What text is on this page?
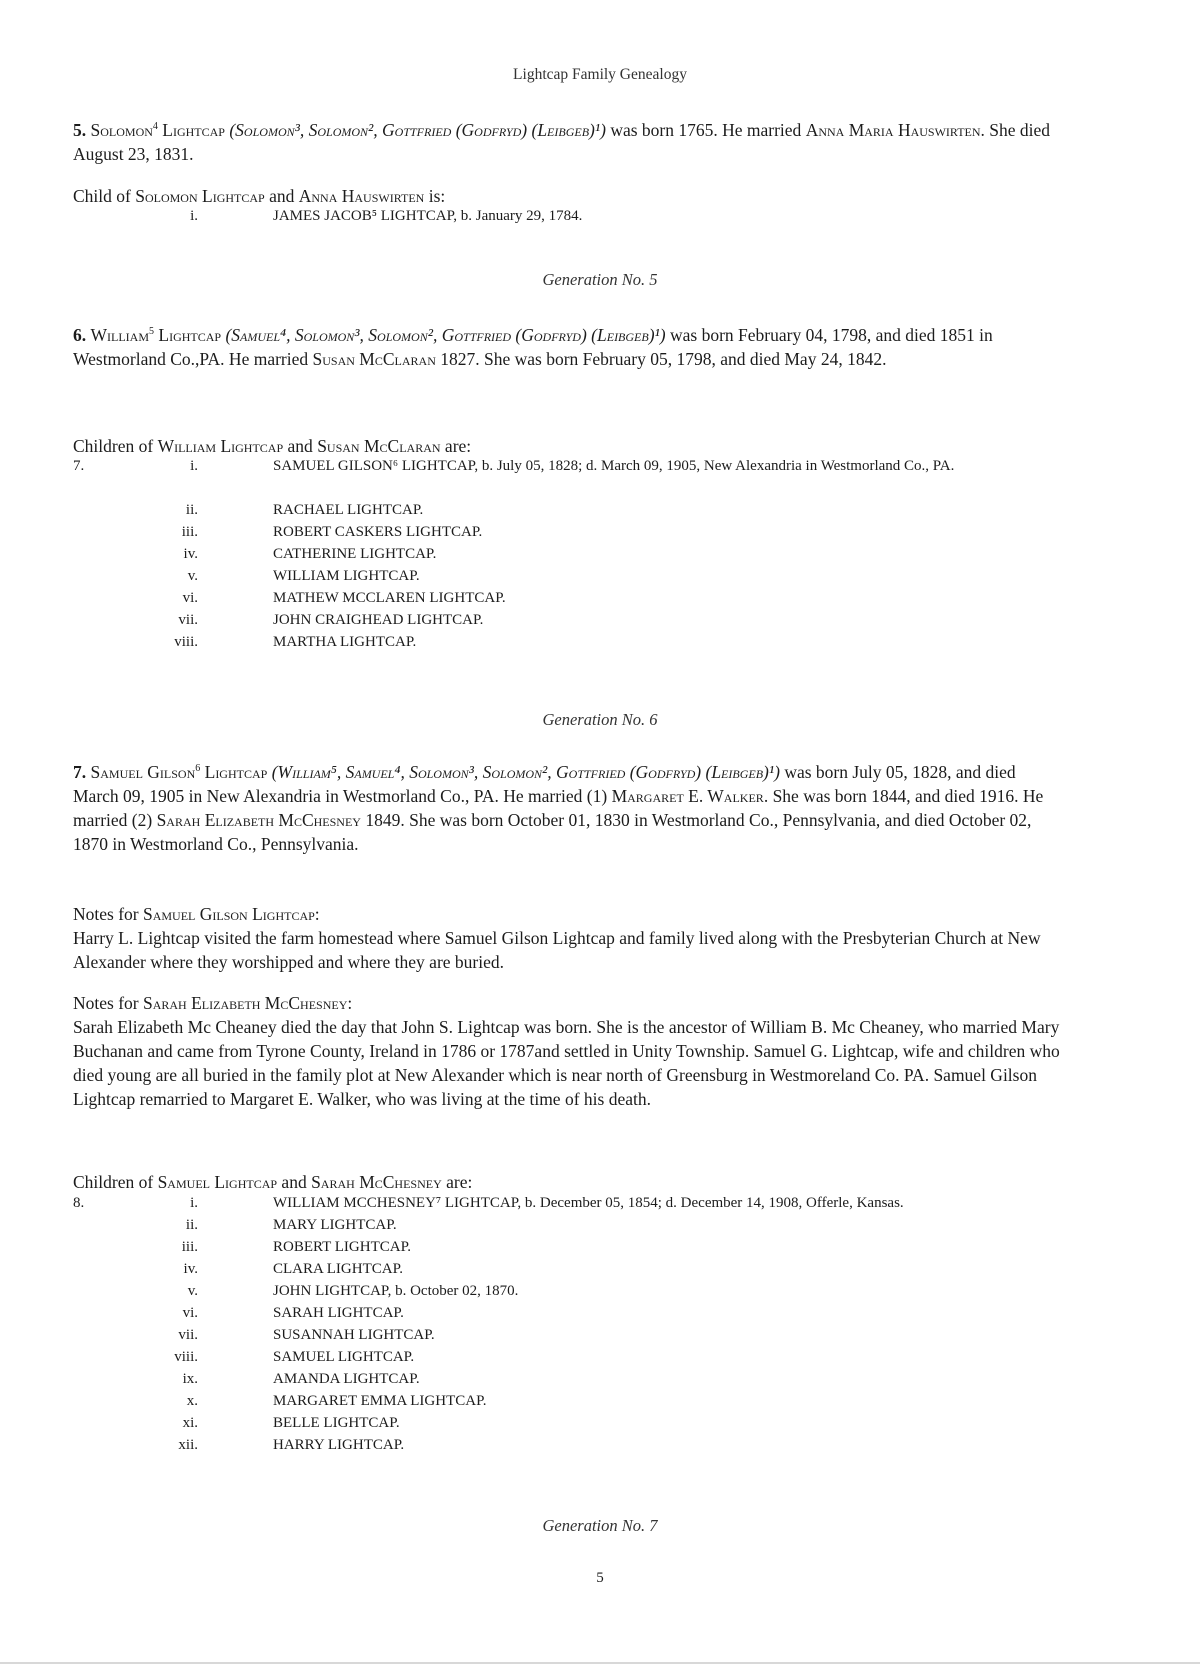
Lightcap Family Genealogy
5. Solomon$^4$ Lightcap (Solomon³, Solomon², Gottfried (Godfryd) (Leibgeb)¹) was born 1765. He married Anna Maria Hauswirten. She died August 23, 1831.
Child of Solomon Lightcap and Anna Hauswirten is:
i.	JAMES JACOB⁵ LIGHTCAP, b. January 29, 1784.
Generation No. 5
6. William$^5$ Lightcap (Samuel⁴, Solomon³, Solomon², Gottfried (Godfryd) (Leibgeb)¹) was born February 04, 1798, and died 1851 in Westmorland Co.,PA. He married Susan McClaran 1827. She was born February 05, 1798, and died May 24, 1842.
Children of William Lightcap and Susan McClaran are:
7.	i.	SAMUEL GILSON⁶ LIGHTCAP, b. July 05, 1828; d. March 09, 1905, New Alexandria in Westmorland Co., PA.
ii.	RACHAEL LIGHTCAP.
iii.	ROBERT CASKERS LIGHTCAP.
iv.	CATHERINE LIGHTCAP.
v.	WILLIAM LIGHTCAP.
vi.	MATHEW MCCLAREN LIGHTCAP.
vii.	JOHN CRAIGHEAD LIGHTCAP.
viii.	MARTHA LIGHTCAP.
Generation No. 6
7. Samuel Gilson$^6$ Lightcap (William⁵, Samuel⁴, Solomon³, Solomon², Gottfried (Godfryd) (Leibgeb)¹) was born July 05, 1828, and died March 09, 1905 in New Alexandria in Westmorland Co., PA. He married (1) Margaret E. Walker. She was born 1844, and died 1916. He married (2) Sarah Elizabeth McChesney 1849. She was born October 01, 1830 in Westmorland Co., Pennsylvania, and died October 02, 1870 in Westmorland Co., Pennsylvania.
Notes for Samuel Gilson Lightcap:
Harry L. Lightcap visited the farm homestead where Samuel Gilson Lightcap and family lived along with the Presbyterian Church at New Alexander where they worshipped and where they are buried.
Notes for Sarah Elizabeth McChesney:
Sarah Elizabeth Mc Cheaney died the day that John S. Lightcap was born. She is the ancestor of William B. Mc Cheaney, who married Mary Buchanan and came from Tyrone County, Ireland in 1786 or 1787and settled in Unity Township. Samuel G. Lightcap, wife and children who died young are all buried in the family plot at New Alexander which is near north of Greensburg in Westmoreland Co. PA. Samuel Gilson Lightcap remarried to Margaret E. Walker, who was living at the time of his death.
Children of Samuel Lightcap and Sarah McChesney are:
8.	i.	WILLIAM MCCHESNEY⁷ LIGHTCAP, b. December 05, 1854; d. December 14, 1908, Offerle, Kansas.
ii.	MARY LIGHTCAP.
iii.	ROBERT LIGHTCAP.
iv.	CLARA LIGHTCAP.
v.	JOHN LIGHTCAP, b. October 02, 1870.
vi.	SARAH LIGHTCAP.
vii.	SUSANNAH LIGHTCAP.
viii.	SAMUEL LIGHTCAP.
ix.	AMANDA LIGHTCAP.
x.	MARGARET EMMA LIGHTCAP.
xi.	BELLE LIGHTCAP.
xii.	HARRY LIGHTCAP.
Generation No. 7
5
